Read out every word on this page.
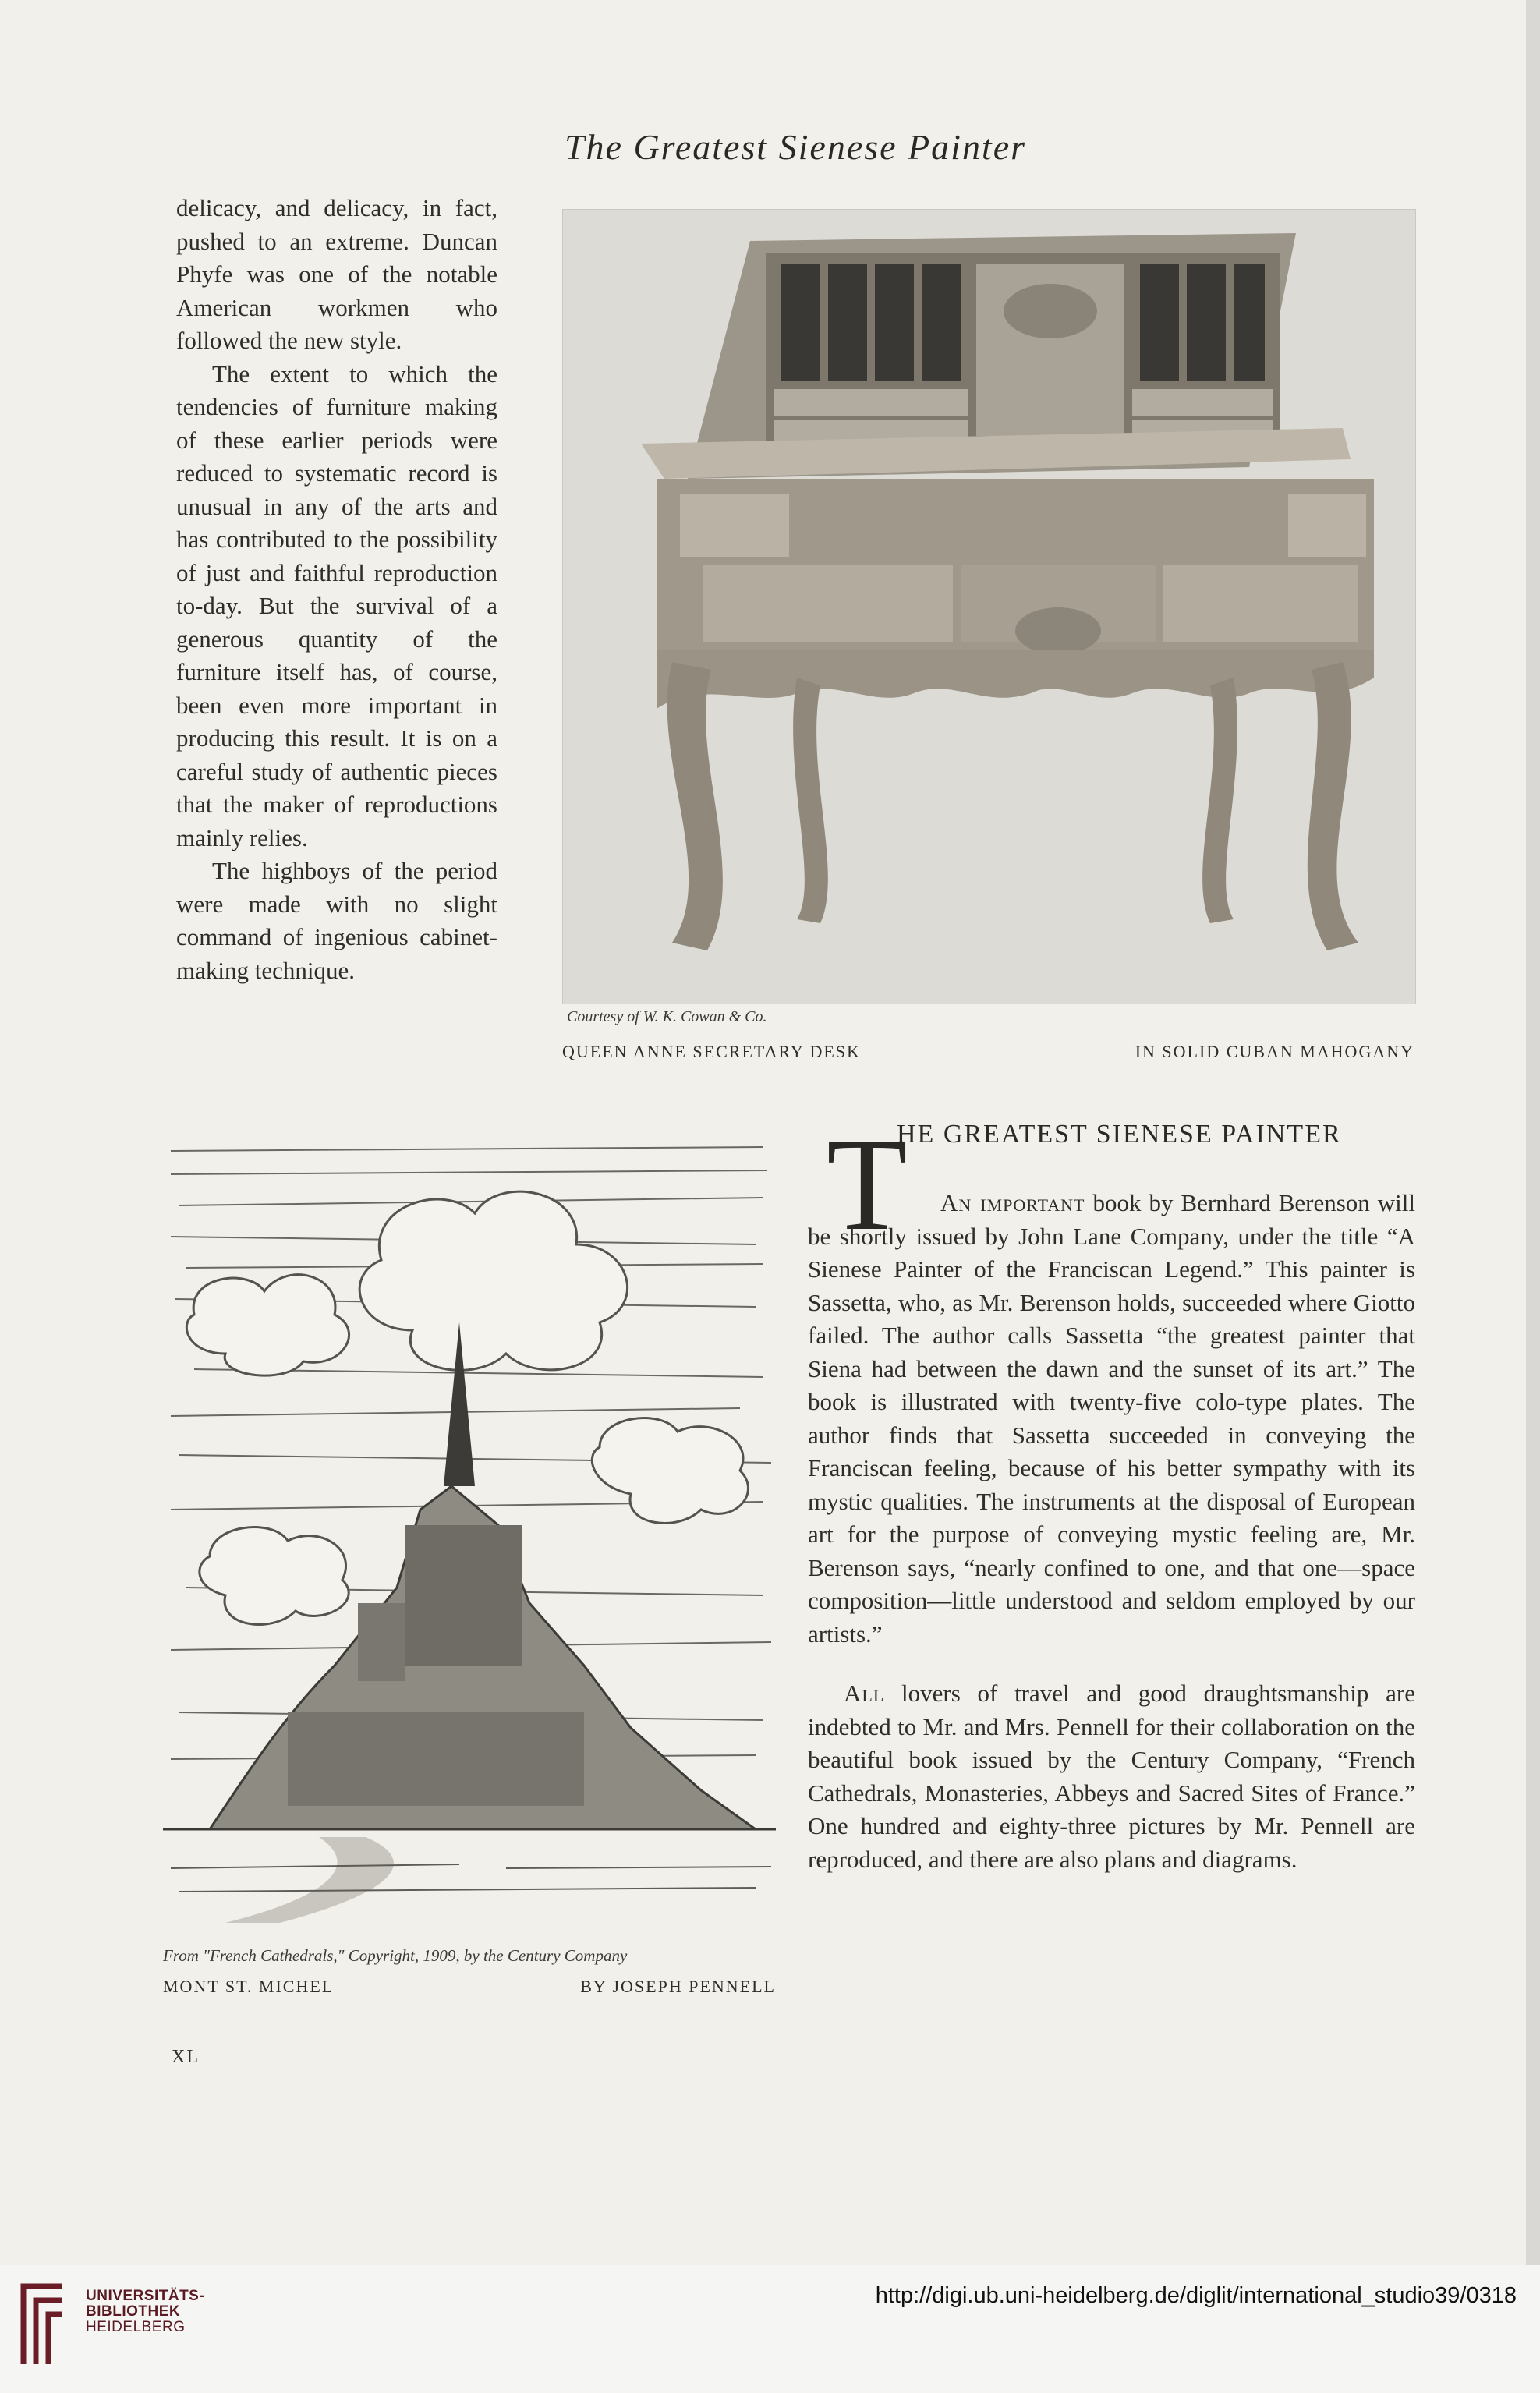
The Greatest Sienese Painter

delicacy, and delicacy, in fact, pushed to an extreme. Duncan Phyfe was one of the notable American workmen who followed the new style.

The extent to which the tendencies of furniture making of these earlier periods were reduced to systematic record is unusual in any of the arts and has contributed to the possibility of just and faithful reproduction to-day. But the survival of a generous quantity of the furniture itself has, of course, been even more important in producing this result. It is on a careful study of authentic pieces that the maker of reproductions mainly relies.

The highboys of the period were made with no slight command of ingenious cabinet-making technique.

Courtesy of W. K. Cowan & Co.
QUEEN ANNE SECRETARY DESK	IN SOLID CUBAN MAHOGANY
From "French Cathedrals," Copyright, 1909, by the Century Company
MONT ST. MICHEL	BY JOSEPH PENNELL
T
HE GREATEST SIENESE PAINTER

An important book by Bernhard Berenson will be shortly issued by John Lane Company, under the title “A Sienese Painter of the Franciscan Legend.” This painter is Sassetta, who, as Mr. Berenson holds, succeeded where Giotto failed. The author calls Sassetta “the greatest painter that Siena had between the dawn and the sunset of its art.” The book is illustrated with twenty-five colo-type plates. The author finds that Sassetta succeeded in conveying the Franciscan feeling, because of his better sympathy with its mystic qualities. The instruments at the disposal of European art for the purpose of conveying mystic feeling are, Mr. Berenson says, “nearly confined to one, and that one—space composition—little understood and seldom employed by our artists.”

All lovers of travel and good draughtsmanship are indebted to Mr. and Mrs. Pennell for their collaboration on the beautiful book issued by the Century Company, “French Cathedrals, Monasteries, Abbeys and Sacred Sites of France.” One hundred and eighty-three pictures by Mr. Pennell are reproduced, and there are also plans and diagrams.

XL
UNIVERSITÄTS-
BIBLIOTHEK
HEIDELBERG
http://digi.ub.uni-heidelberg.de/diglit/international_studio39/0318
